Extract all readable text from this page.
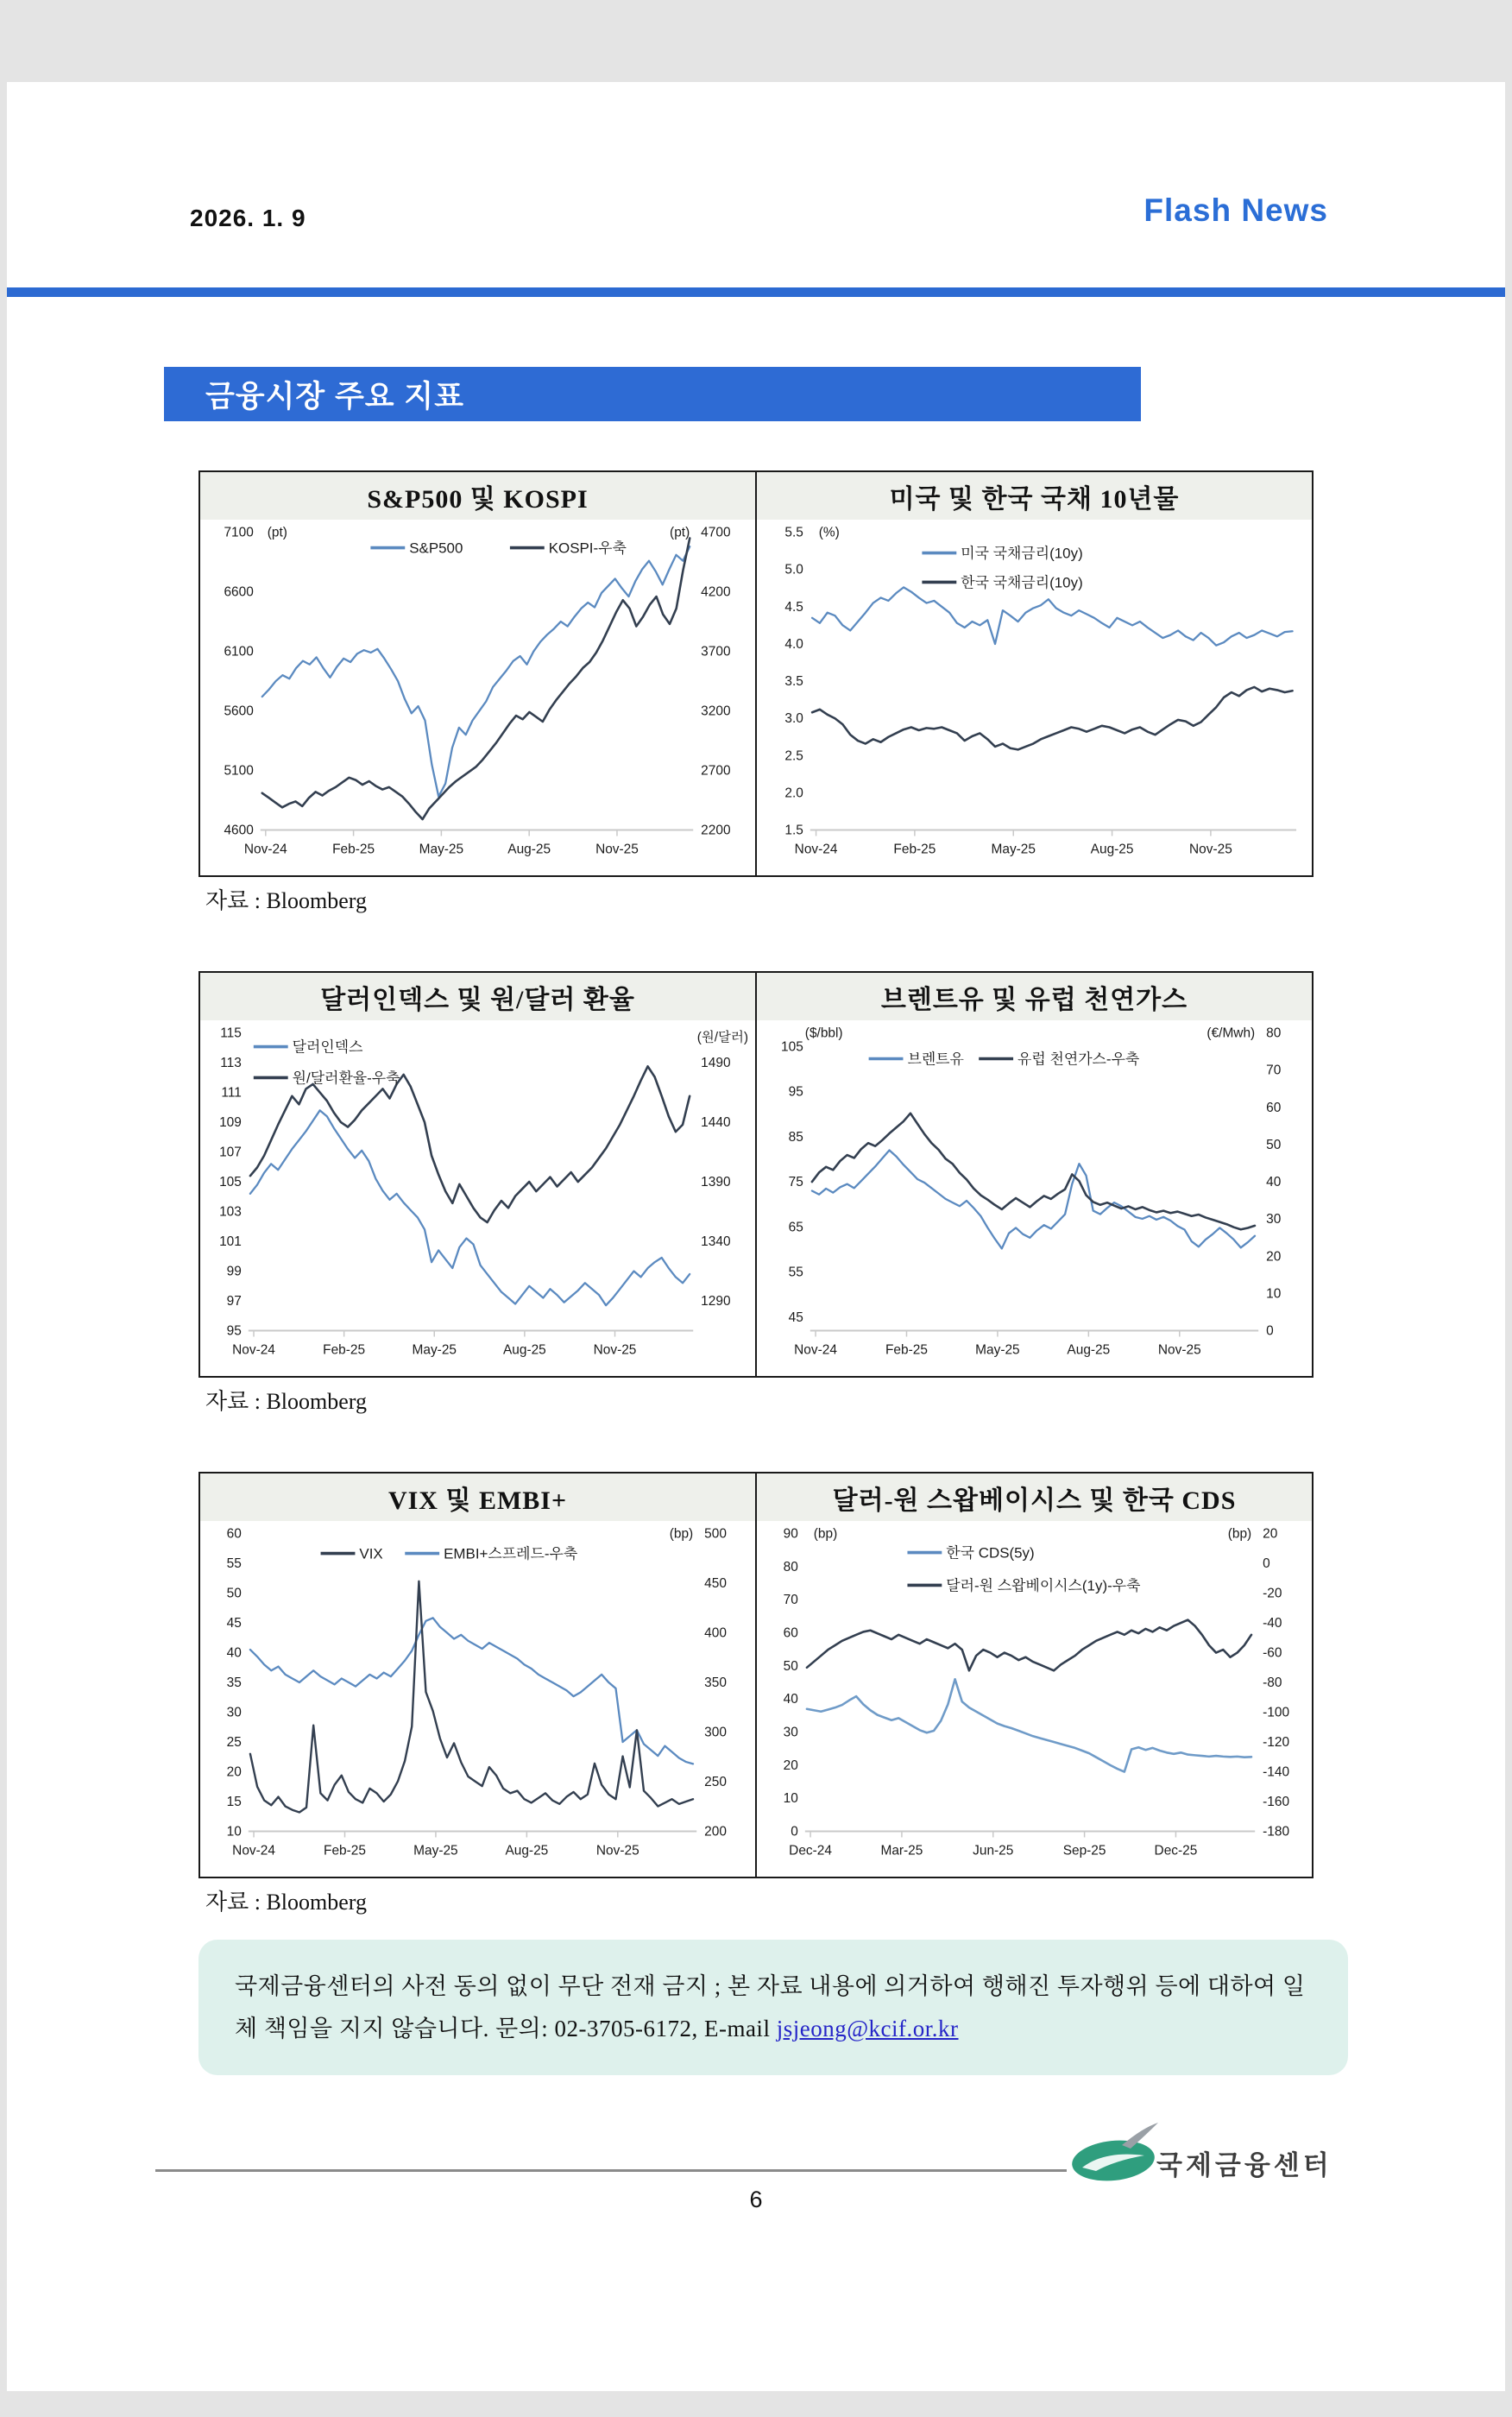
2026. 1. 9	Flash News
금융시장 주요 지표
S&P500 및 KOSPI
Nov-24	Feb-25	May-25	Aug-25	Nov-25
7100
6600
6100
5600
5100
4600
4700
4200
3700
3200
2700
2200
(pt)	(pt)
S&P500	KOSPI-우축
미국 및 한국 국채 10년물
Nov-24	Feb-25	May-25	Aug-25	Nov-25
5.5
5.0
4.5
4.0
3.5
3.0
2.5
2.0
1.5
(%)
미국 국채금리(10y)
한국 국채금리(10y)
자료 : Bloomberg
달러인덱스 및 원/달러 환율
Nov-24	Feb-25	May-25	Aug-25	Nov-25
115
113
111
109
107
105
103
101
99
97
95
1490
1440
1390
1340
1290
(원/달러)
달러인덱스
원/달러환율-우축
브렌트유 및 유럽 천연가스
Nov-24	Feb-25	May-25	Aug-25	Nov-25
105
95
85
75
65
55
45
80
70
60
50
40
30
20
10
0
($/bbl)	(€/Mwh)
브렌트유	유럽 천연가스-우축
자료 : Bloomberg
VIX 및 EMBI+
Nov-24	Feb-25	May-25	Aug-25	Nov-25
60
55
50
45
40
35
30
25
20
15
10
500
450
400
350
300
250
200
(bp)
VIX	EMBI+스프레드-우축
달러-원 스왑베이시스 및 한국 CDS
Dec-24	Mar-25	Jun-25	Sep-25	Dec-25
90
80
70
60
50
40
30
20
10
0
20
0
-20
-40
-60
-80
-100
-120
-140
-160
-180
(bp)	(bp)
한국 CDS(5y)
달러-원 스왑베이시스(1y)-우축
자료 : Bloomberg
국제금융센터의 사전 동의 없이 무단 전재 금지 ; 본 자료 내용에 의거하여 행해진 투자행위 등에 대하여 일체 책임을 지지 않습니다. 문의: 02-3705-6172, E-mail jsjeong@kcif.or.kr
국제금융센터
6
